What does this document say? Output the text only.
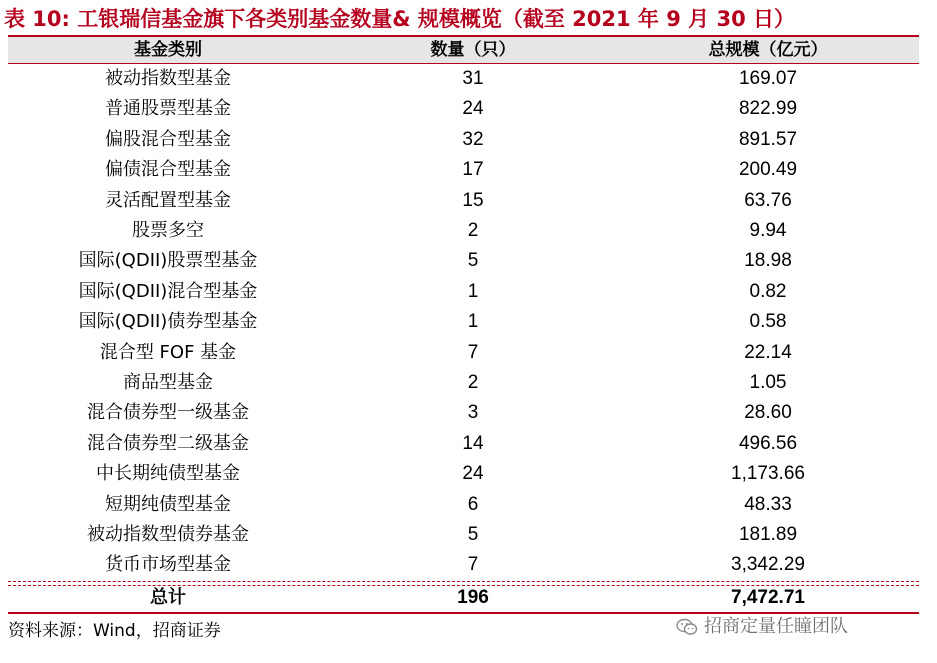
表 10: 工银瑞信基金旗下各类别基金数量& 规模概览（截至 2021 年 9 月 30 日）
基金类别	数量（只）	总规模（亿元）
被动指数型基金	31	169.07
普通股票型基金	24	822.99
偏股混合型基金	32	891.57
偏债混合型基金	17	200.49
灵活配置型基金	15	63.76
股票多空	2	9.94
国际(QDII)股票型基金	5	18.98
国际(QDII)混合型基金	1	0.82
国际(QDII)债券型基金	1	0.58
混合型 FOF 基金	7	22.14
商品型基金	2	1.05
混合债券型一级基金	3	28.60
混合债券型二级基金	14	496.56
中长期纯债型基金	24	1,173.66
短期纯债型基金	6	48.33
被动指数型债券基金	5	181.89
货币市场型基金	7	3,342.29
总计	196	7,472.71
资料来源：Wind，招商证券	招商定量任瞳团队
